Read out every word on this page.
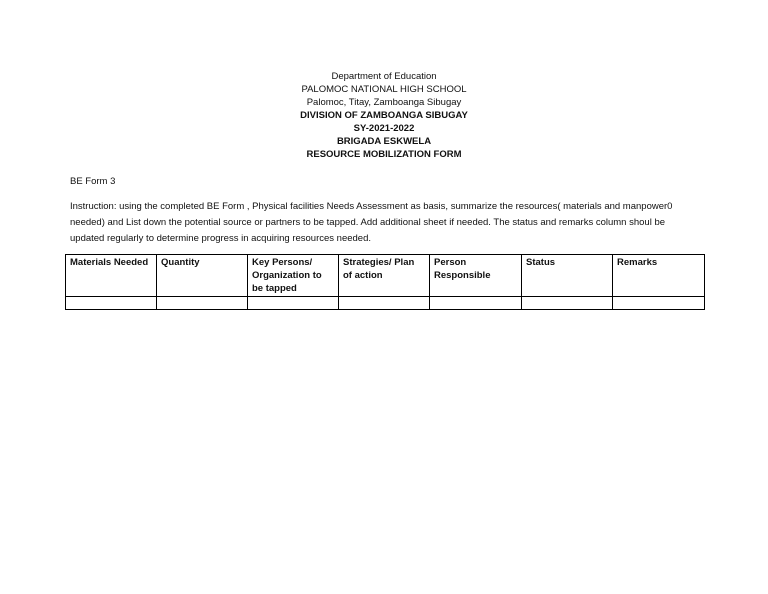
Department of Education
PALOMOC NATIONAL HIGH SCHOOL
Palomoc, Titay, Zamboanga Sibugay
DIVISION OF ZAMBOANGA SIBUGAY
SY-2021-2022
BRIGADA ESKWELA
RESOURCE MOBILIZATION FORM
BE Form 3
Instruction: using the completed BE Form , Physical facilities Needs Assessment as basis, summarize the resources( materials and manpower0 needed) and List down the potential source or partners to be tapped. Add additional sheet if needed. The status and remarks column shoul be updated regularly to determine progress in acquiring resources needed.
Materials Needed	Quantity	Key Persons/ Organization to be tapped	Strategies/ Plan of action	Person Responsible	Status	Remarks
